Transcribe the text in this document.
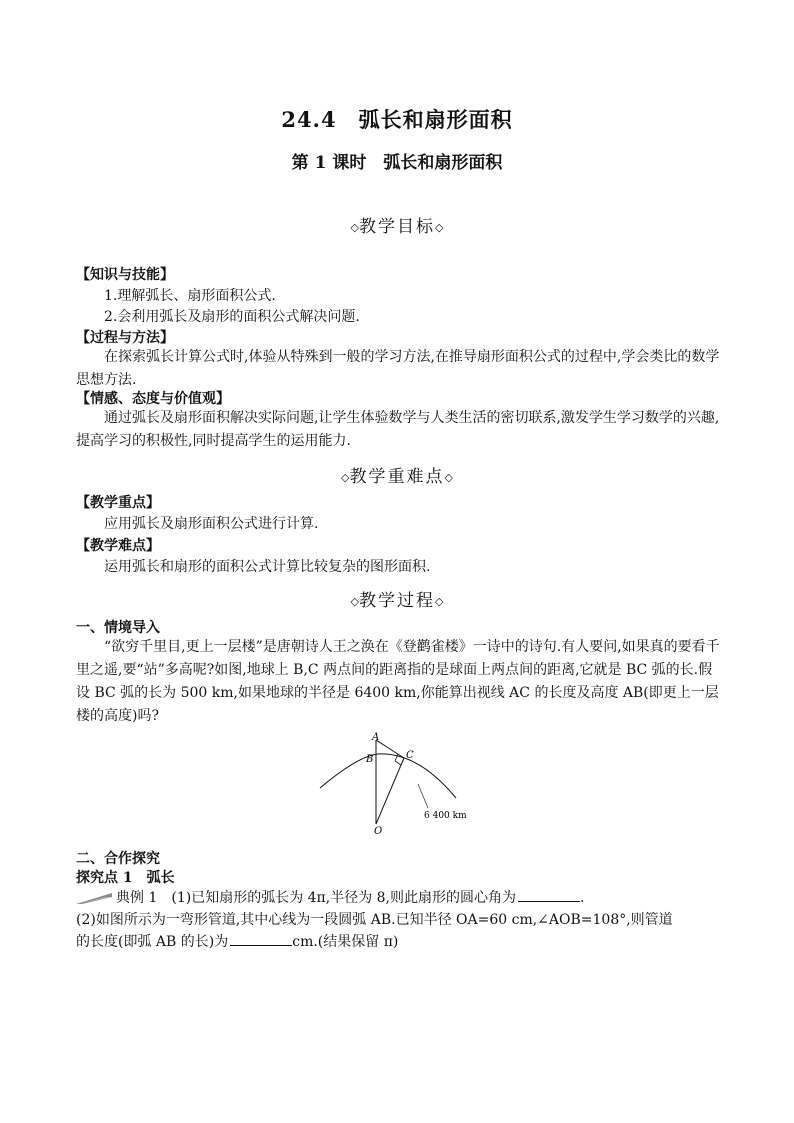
24.4　弧长和扇形面积
第 1 课时　弧长和扇形面积
◇教学目标◇
【知识与技能】
1.理解弧长、扇形面积公式.
2.会利用弧长及扇形的面积公式解决问题.
【过程与方法】
在探索弧长计算公式时,体验从特殊到一般的学习方法,在推导扇形面积公式的过程中,学会类比的数学思想方法.
【情感、态度与价值观】
通过弧长及扇形面积解决实际问题,让学生体验数学与人类生活的密切联系,激发学生学习数学的兴趣,提高学习的积极性,同时提高学生的运用能力.
◇教学重难点◇
【教学重点】
应用弧长及扇形面积公式进行计算.
【教学难点】
运用弧长和扇形的面积公式计算比较复杂的图形面积.
◇教学过程◇
一、情境导入
“欲穷千里目,更上一层楼”是唐朝诗人王之涣在《登鹳雀楼》一诗中的诗句.有人要问,如果真的要看千里之遥,要“站”多高呢?如图,地球上 B,C 两点间的距离指的是球面上两点间的距离,它就是 BC 弧的长.假设 BC 弧的长为 500 km,如果地球的半径是 6400 km,你能算出视线 AC 的长度及高度 AB(即更上一层楼的高度)吗?
A
B	C
O
6 400 km
二、合作探究
探究点 1　弧长
典例 1　 (1)已知扇形的弧长为 4π,半径为 8,则此扇形的圆心角为	.
(2)如图所示为一弯形管道,其中心线为一段圆弧 AB.已知半径 OA=60 cm,∠AOB=108°,则管道
的长度(即弧 AB 的长)为	cm.(结果保留 π)
